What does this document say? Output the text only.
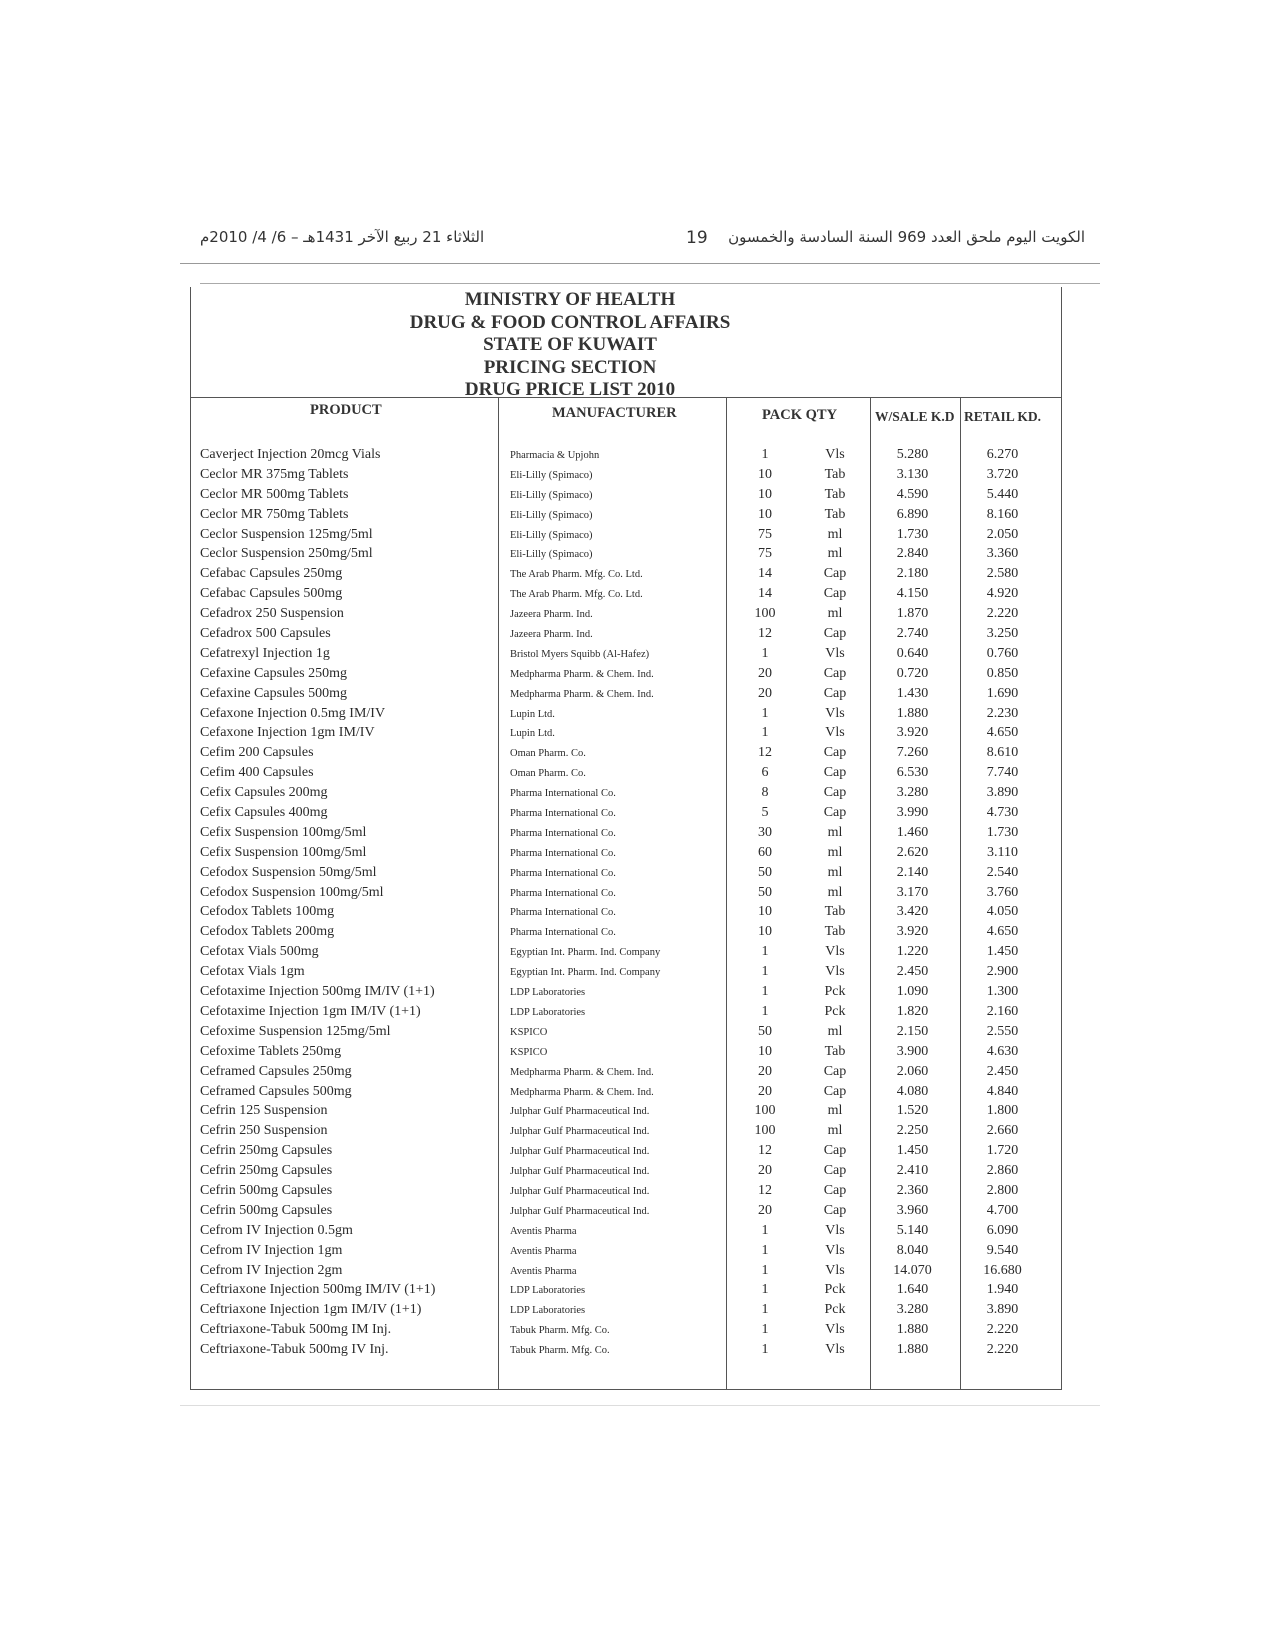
الثلاثاء 21 ربيع الآخر 1431هـ – 6/ 4/ 2010م	19 الكويت اليوم ملحق العدد 969 السنة السادسة والخمسون
MINISTRY OF HEALTH
DRUG & FOOD CONTROL AFFAIRS
STATE OF KUWAIT
PRICING SECTION
DRUG PRICE LIST 2010
PRODUCT	MANUFACTURER	PACK QTY	W/SALE K.D RETAIL KD.
Caverject Injection 20mcg Vials	Pharmacia & Upjohn	1	Vls	5.280	6.270
Ceclor MR 375mg Tablets	Eli-Lilly (Spimaco)	10	Tab	3.130	3.720
Ceclor MR 500mg Tablets	Eli-Lilly (Spimaco)	10	Tab	4.590	5.440
Ceclor MR 750mg Tablets	Eli-Lilly (Spimaco)	10	Tab	6.890	8.160
Ceclor Suspension 125mg/5ml	Eli-Lilly (Spimaco)	75	ml	1.730	2.050
Ceclor Suspension 250mg/5ml	Eli-Lilly (Spimaco)	75	ml	2.840	3.360
Cefabac Capsules 250mg	The Arab Pharm. Mfg. Co. Ltd.	14	Cap	2.180	2.580
Cefabac Capsules 500mg	The Arab Pharm. Mfg. Co. Ltd.	14	Cap	4.150	4.920
Cefadrox 250 Suspension	Jazeera Pharm. Ind.	100	ml	1.870	2.220
Cefadrox 500 Capsules	Jazeera Pharm. Ind.	12	Cap	2.740	3.250
Cefatrexyl Injection 1g	Bristol Myers Squibb (Al-Hafez)	1	Vls	0.640	0.760
Cefaxine Capsules 250mg	Medpharma Pharm. & Chem. Ind.	20	Cap	0.720	0.850
Cefaxine Capsules 500mg	Medpharma Pharm. & Chem. Ind.	20	Cap	1.430	1.690
Cefaxone Injection 0.5mg IM/IV	Lupin Ltd.	1	Vls	1.880	2.230
Cefaxone Injection 1gm IM/IV	Lupin Ltd.	1	Vls	3.920	4.650
Cefim 200 Capsules	Oman Pharm. Co.	12	Cap	7.260	8.610
Cefim 400 Capsules	Oman Pharm. Co.	6	Cap	6.530	7.740
Cefix Capsules 200mg	Pharma International Co.	8	Cap	3.280	3.890
Cefix Capsules 400mg	Pharma International Co.	5	Cap	3.990	4.730
Cefix Suspension 100mg/5ml	Pharma International Co.	30	ml	1.460	1.730
Cefix Suspension 100mg/5ml	Pharma International Co.	60	ml	2.620	3.110
Cefodox Suspension 50mg/5ml	Pharma International Co.	50	ml	2.140	2.540
Cefodox Suspension 100mg/5ml	Pharma International Co.	50	ml	3.170	3.760
Cefodox Tablets 100mg	Pharma International Co.	10	Tab	3.420	4.050
Cefodox Tablets 200mg	Pharma International Co.	10	Tab	3.920	4.650
Cefotax Vials 500mg	Egyptian Int. Pharm. Ind. Company	1	Vls	1.220	1.450
Cefotax Vials 1gm	Egyptian Int. Pharm. Ind. Company	1	Vls	2.450	2.900
Cefotaxime Injection 500mg IM/IV (1+1)	LDP Laboratories	1	Pck	1.090	1.300
Cefotaxime Injection 1gm IM/IV (1+1)	LDP Laboratories	1	Pck	1.820	2.160
Cefoxime Suspension 125mg/5ml	KSPICO	50	ml	2.150	2.550
Cefoxime Tablets 250mg	KSPICO	10	Tab	3.900	4.630
Ceframed Capsules 250mg	Medpharma Pharm. & Chem. Ind.	20	Cap	2.060	2.450
Ceframed Capsules 500mg	Medpharma Pharm. & Chem. Ind.	20	Cap	4.080	4.840
Cefrin 125 Suspension	Julphar Gulf Pharmaceutical Ind.	100	ml	1.520	1.800
Cefrin 250 Suspension	Julphar Gulf Pharmaceutical Ind.	100	ml	2.250	2.660
Cefrin 250mg Capsules	Julphar Gulf Pharmaceutical Ind.	12	Cap	1.450	1.720
Cefrin 250mg Capsules	Julphar Gulf Pharmaceutical Ind.	20	Cap	2.410	2.860
Cefrin 500mg Capsules	Julphar Gulf Pharmaceutical Ind.	12	Cap	2.360	2.800
Cefrin 500mg Capsules	Julphar Gulf Pharmaceutical Ind.	20	Cap	3.960	4.700
Cefrom IV Injection 0.5gm	Aventis Pharma	1	Vls	5.140	6.090
Cefrom IV Injection 1gm	Aventis Pharma	1	Vls	8.040	9.540
Cefrom IV Injection 2gm	Aventis Pharma	1	Vls	14.070	16.680
Ceftriaxone Injection 500mg IM/IV (1+1)	LDP Laboratories	1	Pck	1.640	1.940
Ceftriaxone Injection 1gm IM/IV (1+1)	LDP Laboratories	1	Pck	3.280	3.890
Ceftriaxone-Tabuk 500mg IM Inj.	Tabuk Pharm. Mfg. Co.	1	Vls	1.880	2.220
Ceftriaxone-Tabuk 500mg IV Inj.	Tabuk Pharm. Mfg. Co.	1	Vls	1.880	2.220
